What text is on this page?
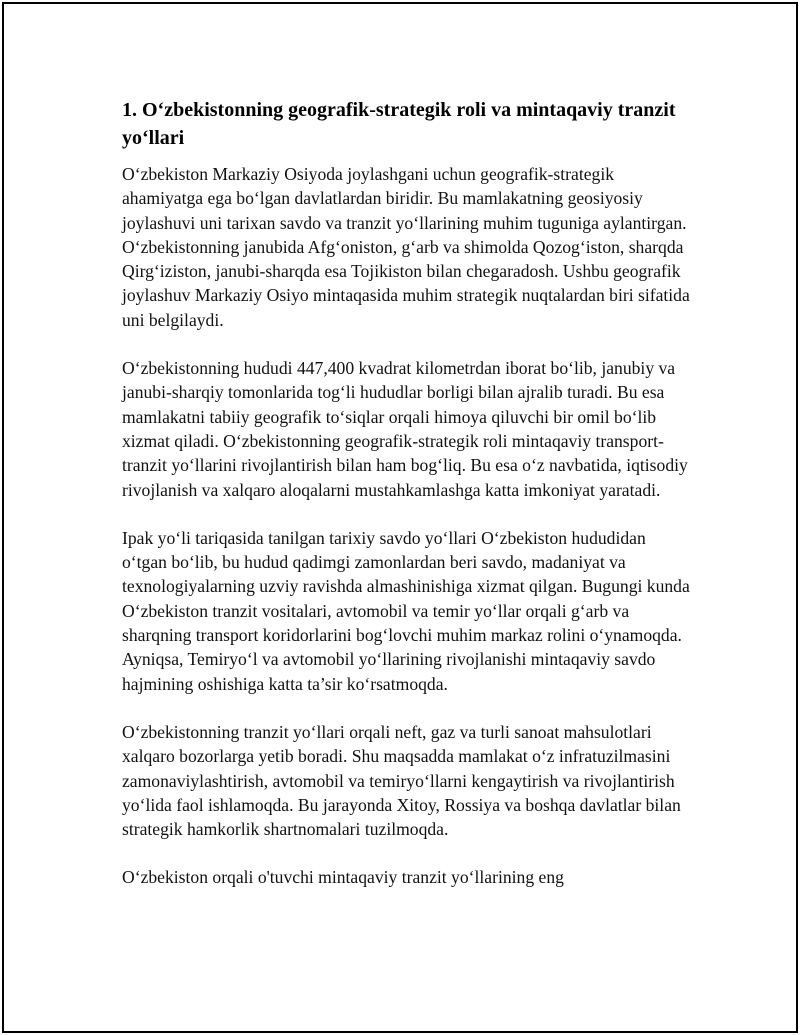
1. O‘zbekistonning geografik-strategik roli va mintaqaviy tranzit yo‘llari

O‘zbekiston Markaziy Osiyoda joylashgani uchun geografik-strategik ahamiyatga ega bo‘lgan davlatlardan biridir. Bu mamlakatning geosiyosiy joylashuvi uni tarixan savdo va tranzit yo‘llarining muhim tuguniga aylantirgan. O‘zbekistonning janubida Afg‘oniston, g‘arb va shimolda Qozog‘iston, sharqda Qirg‘iziston, janubi-sharqda esa Tojikiston bilan chegaradosh. Ushbu geografik joylashuv Markaziy Osiyo mintaqasida muhim strategik nuqtalardan biri sifatida uni belgilaydi.

O‘zbekistonning hududi 447,400 kvadrat kilometrdan iborat bo‘lib, janubiy va janubi-sharqiy tomonlarida tog‘li hududlar borligi bilan ajralib turadi. Bu esa mamlakatni tabiiy geografik to‘siqlar orqali himoya qiluvchi bir omil bo‘lib xizmat qiladi. O‘zbekistonning geografik-strategik roli mintaqaviy transport-tranzit yo‘llarini rivojlantirish bilan ham bog‘liq. Bu esa o‘z navbatida, iqtisodiy rivojlanish va xalqaro aloqalarni mustahkamlashga katta imkoniyat yaratadi.

Ipak yo‘li tariqasida tanilgan tarixiy savdo yo‘llari O‘zbekiston hududidan o‘tgan bo‘lib, bu hudud qadimgi zamonlardan beri savdo, madaniyat va texnologiyalarning uzviy ravishda almashinishiga xizmat qilgan. Bugungi kunda O‘zbekiston tranzit vositalari, avtomobil va temir yo‘llar orqali g‘arb va sharqning transport koridorlarini bog‘lovchi muhim markaz rolini o‘ynamoqda. Ayniqsa, Temiryo‘l va avtomobil yo‘llarining rivojlanishi mintaqaviy savdo hajmining oshishiga katta ta’sir ko‘rsatmoqda.

O‘zbekistonning tranzit yo‘llari orqali neft, gaz va turli sanoat mahsulotlari xalqaro bozorlarga yetib boradi. Shu maqsadda mamlakat o‘z infratuzilmasini zamonaviylashtirish, avtomobil va temiryo‘llarni kengaytirish va rivojlantirish yo‘lida faol ishlamoqda. Bu jarayonda Xitoy, Rossiya va boshqa davlatlar bilan strategik hamkorlik shartnomalari tuzilmoqda.

O‘zbekiston orqali o'tuvchi mintaqaviy tranzit yo‘llarining eng
